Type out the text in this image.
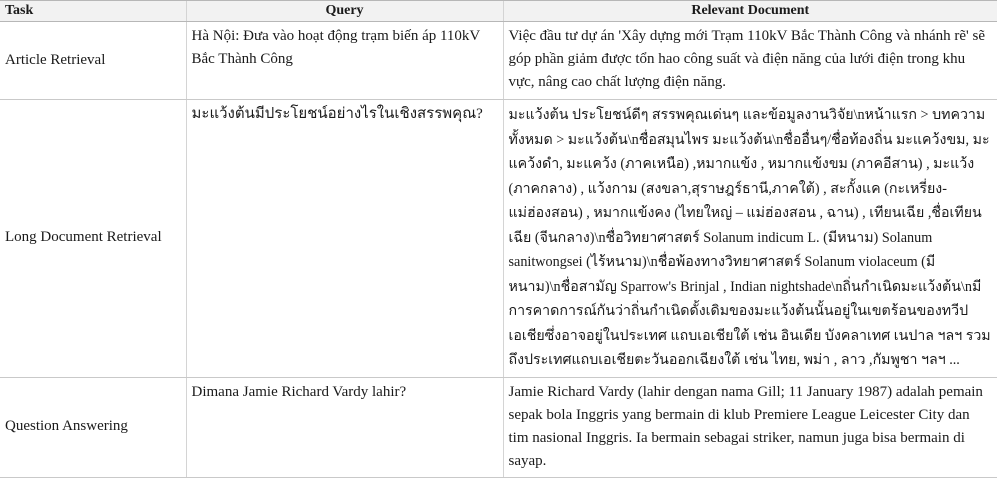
Task	Query	Relevant Document
Article Retrieval	Hà Nội: Đưa vào hoạt động trạm biến áp 110kV Bắc Thành Công	Việc đầu tư dự án 'Xây dựng mới Trạm 110kV Bắc Thành Công và nhánh rẽ' sẽ góp phần giảm được tổn hao công suất và điện năng của lưới điện trong khu vực, nâng cao chất lượng điện năng.
Long Document Retrieval	มะแว้งต้นมีประโยชน์อย่างไรในเชิงสรรพคุณ?	มะแว้งต้น ประโยชน์ดีๆ สรรพคุณเด่นๆ และข้อมูลงานวิจัย\nหน้าแรก > บทความทั้งหมด > มะแว้งต้น\nชื่อสมุนไพร มะแว้งต้น\nชื่ออื่นๆ/ชื่อท้องถิ่น มะแคว้งขม, มะแคว้งดำ, มะแคว้ง (ภาคเหนือ) ,หมากแข้ง , หมากแข้งขม (ภาคอีสาน) , มะแว้ง (ภาคกลาง) , แว้งกาม (สงขลา,สุราษฎร์ธานี,ภาคใต้) , สะกั้งแค (กะเหรี่ยง-แม่ฮ่องสอน) , หมากแข้งคง (ไทยใหญ่ – แม่ฮ่องสอน , ฉาน) , เทียนเฉีย ,ชื่อเทียนเฉีย (จีนกลาง)\nชื่อวิทยาศาสตร์ Solanum indicum L. (มีหนาม) Solanum sanitwongsei (ไร้หนาม)\nชื่อพ้องทางวิทยาศาสตร์ Solanum violaceum (มีหนาม)\nชื่อสามัญ Sparrow's Brinjal , Indian nightshade\nถิ่นกำเนิดมะแว้งต้น\nมีการคาดการณ์กันว่าถิ่นกำเนิดดั้งเดิมของมะแว้งต้นนั้นอยู่ในเขตร้อนของทวีปเอเชียซึ่งอาจอยู่ในประเทศ แถบเอเชียใต้ เช่น อินเดีย บังคลาเทศ เนปาล ฯลฯ รวมถึงประเทศแถบเอเชียตะวันออกเฉียงใต้ เช่น ไทย, พม่า , ลาว ,กัมพูชา ฯลฯ ...
Question Answering	Dimana Jamie Richard Vardy lahir?	Jamie Richard Vardy (lahir dengan nama Gill; 11 January 1987) adalah pemain sepak bola Inggris yang bermain di klub Premiere League Leicester City dan tim nasional Inggris. Ia bermain sebagai striker, namun juga bisa bermain di sayap.
